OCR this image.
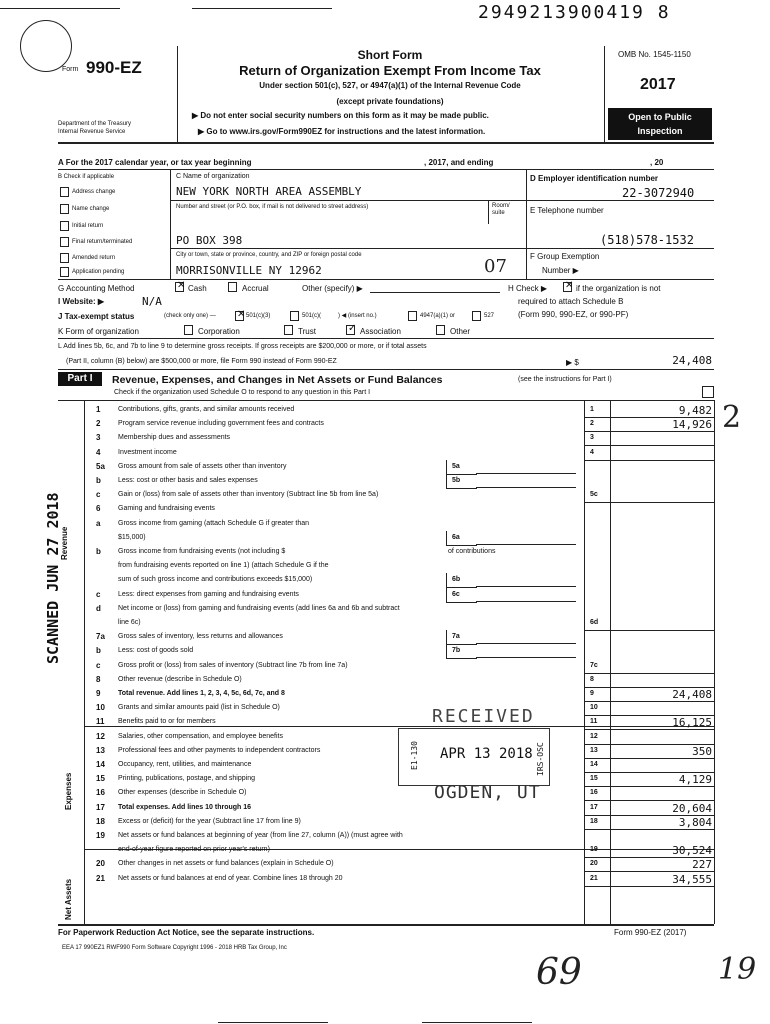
2949213900419 8
Form 990-EZ
Department of the Treasury
Internal Revenue Service
Short Form
Return of Organization Exempt From Income Tax
Under section 501(c), 527, or 4947(a)(1) of the Internal Revenue Code
(except private foundations)
▶ Do not enter social security numbers on this form as it may be made public.
▶ Go to www.irs.gov/Form990EZ for instructions and the latest information.
OMB No. 1545-1150
2017
Open to Public
Inspection
A For the 2017 calendar year, or tax year beginning	, 2017, and ending	, 20
B Check if applicable
Address change
Name change
Initial return
Final return/terminated
Amended return
Application pending
C Name of organization
NEW YORK NORTH AREA ASSEMBLY
Number and street (or P.O. box, if mail is not delivered to street address)	Room/ suite
PO BOX 398
City or town, state or province, country, and ZIP or foreign postal code
MORRISONVILLE NY 12962	07
D Employer identification number
22-3072940
E Telephone number
(518)578-1532
F Group Exemption
Number ▶
G Accounting Method	✕ Cash	Accrual	Other (specify) ▶	H Check ▶ ✕ if the organization is not
required to attach Schedule B
(Form 990, 990-EZ, or 990-PF)
I Website: ▶	N/A
J Tax-exempt status	(check only one) — ✕ 501(c)(3)	501(c)(	) ◀ (insert no.)	4947(a)(1) or	527
K Form of organization	Corporation	Trust	✓ Association	Other
L Add lines 5b, 6c, and 7b to line 9 to determine gross receipts. If gross receipts are $200,000 or more, or if total assets
(Part II, column (B) below) are $500,000 or more, file Form 990 instead of Form 990-EZ	▶ $	24,408
Part I	Revenue, Expenses, and Changes in Net Assets or Fund Balances	(see the instructions for Part I)
Check if the organization used Schedule O to respond to any question in this Part I
Revenue
Expenses
Net Assets
1	Contributions, gifts, grants, and similar amounts received	1	9,482
2	Program service revenue including government fees and contracts	2	14,926
3	Membership dues and assessments	3
4	Investment income	4
5a Gross amount from sale of assets other than inventory	5a
b Less: cost or other basis and sales expenses	5b
c	Gain or (loss) from sale of assets other than inventory (Subtract line 5b from line 5a)	5c
6	Gaming and fundraising events
a	Gross income from gaming (attach Schedule G if greater than
$15,000)	6a
b Gross income from fundraising events (not including $	of contributions
from fundraising events reported on line 1) (attach Schedule G if the
sum of such gross income and contributions exceeds $15,000)	6b
c	Less: direct expenses from gaming and fundraising events	6c
d Net income or (loss) from gaming and fundraising events (add lines 6a and 6b and subtract
line 6c)	6d
7a Gross sales of inventory, less returns and allowances	7a
b Less: cost of goods sold	7b
c	Gross profit or (loss) from sales of inventory (Subtract line 7b from line 7a)	7c
8	Other revenue (describe in Schedule O)	8
9	Total revenue. Add lines 1, 2, 3, 4, 5c, 6d, 7c, and 8	9	24,408
10 Grants and similar amounts paid (list in Schedule O)	10
11 Benefits paid to or for members	11	16,125
12 Salaries, other compensation, and employee benefits	12
13 Professional fees and other payments to independent contractors	13	350
14 Occupancy, rent, utilities, and maintenance	14
15 Printing, publications, postage, and shipping	15	4,129
16 Other expenses (describe in Schedule O)	16
17 Total expenses. Add lines 10 through 16	17	20,604
18 Excess or (deficit) for the year (Subtract line 17 from line 9)	18	3,804
19 Net assets or fund balances at beginning of year (from line 27, column (A)) (must agree with
end-of-year figure reported on prior year's return)	19	30,524
20 Other changes in net assets or fund balances (explain in Schedule O)	20	227
21 Net assets or fund balances at end of year. Combine lines 18 through 20	21	34,555
For Paperwork Reduction Act Notice, see the separate instructions.	Form 990-EZ (2017)
EEA 17 990EZ1 RWF990 Form Software Copyright 1996 - 2018 HRB Tax Group, Inc
SCANNED JUN 27 2018
RECEIVED
APR 13 2018
OGDEN, UT
E1-130	IRS-OSC
2
69	19
